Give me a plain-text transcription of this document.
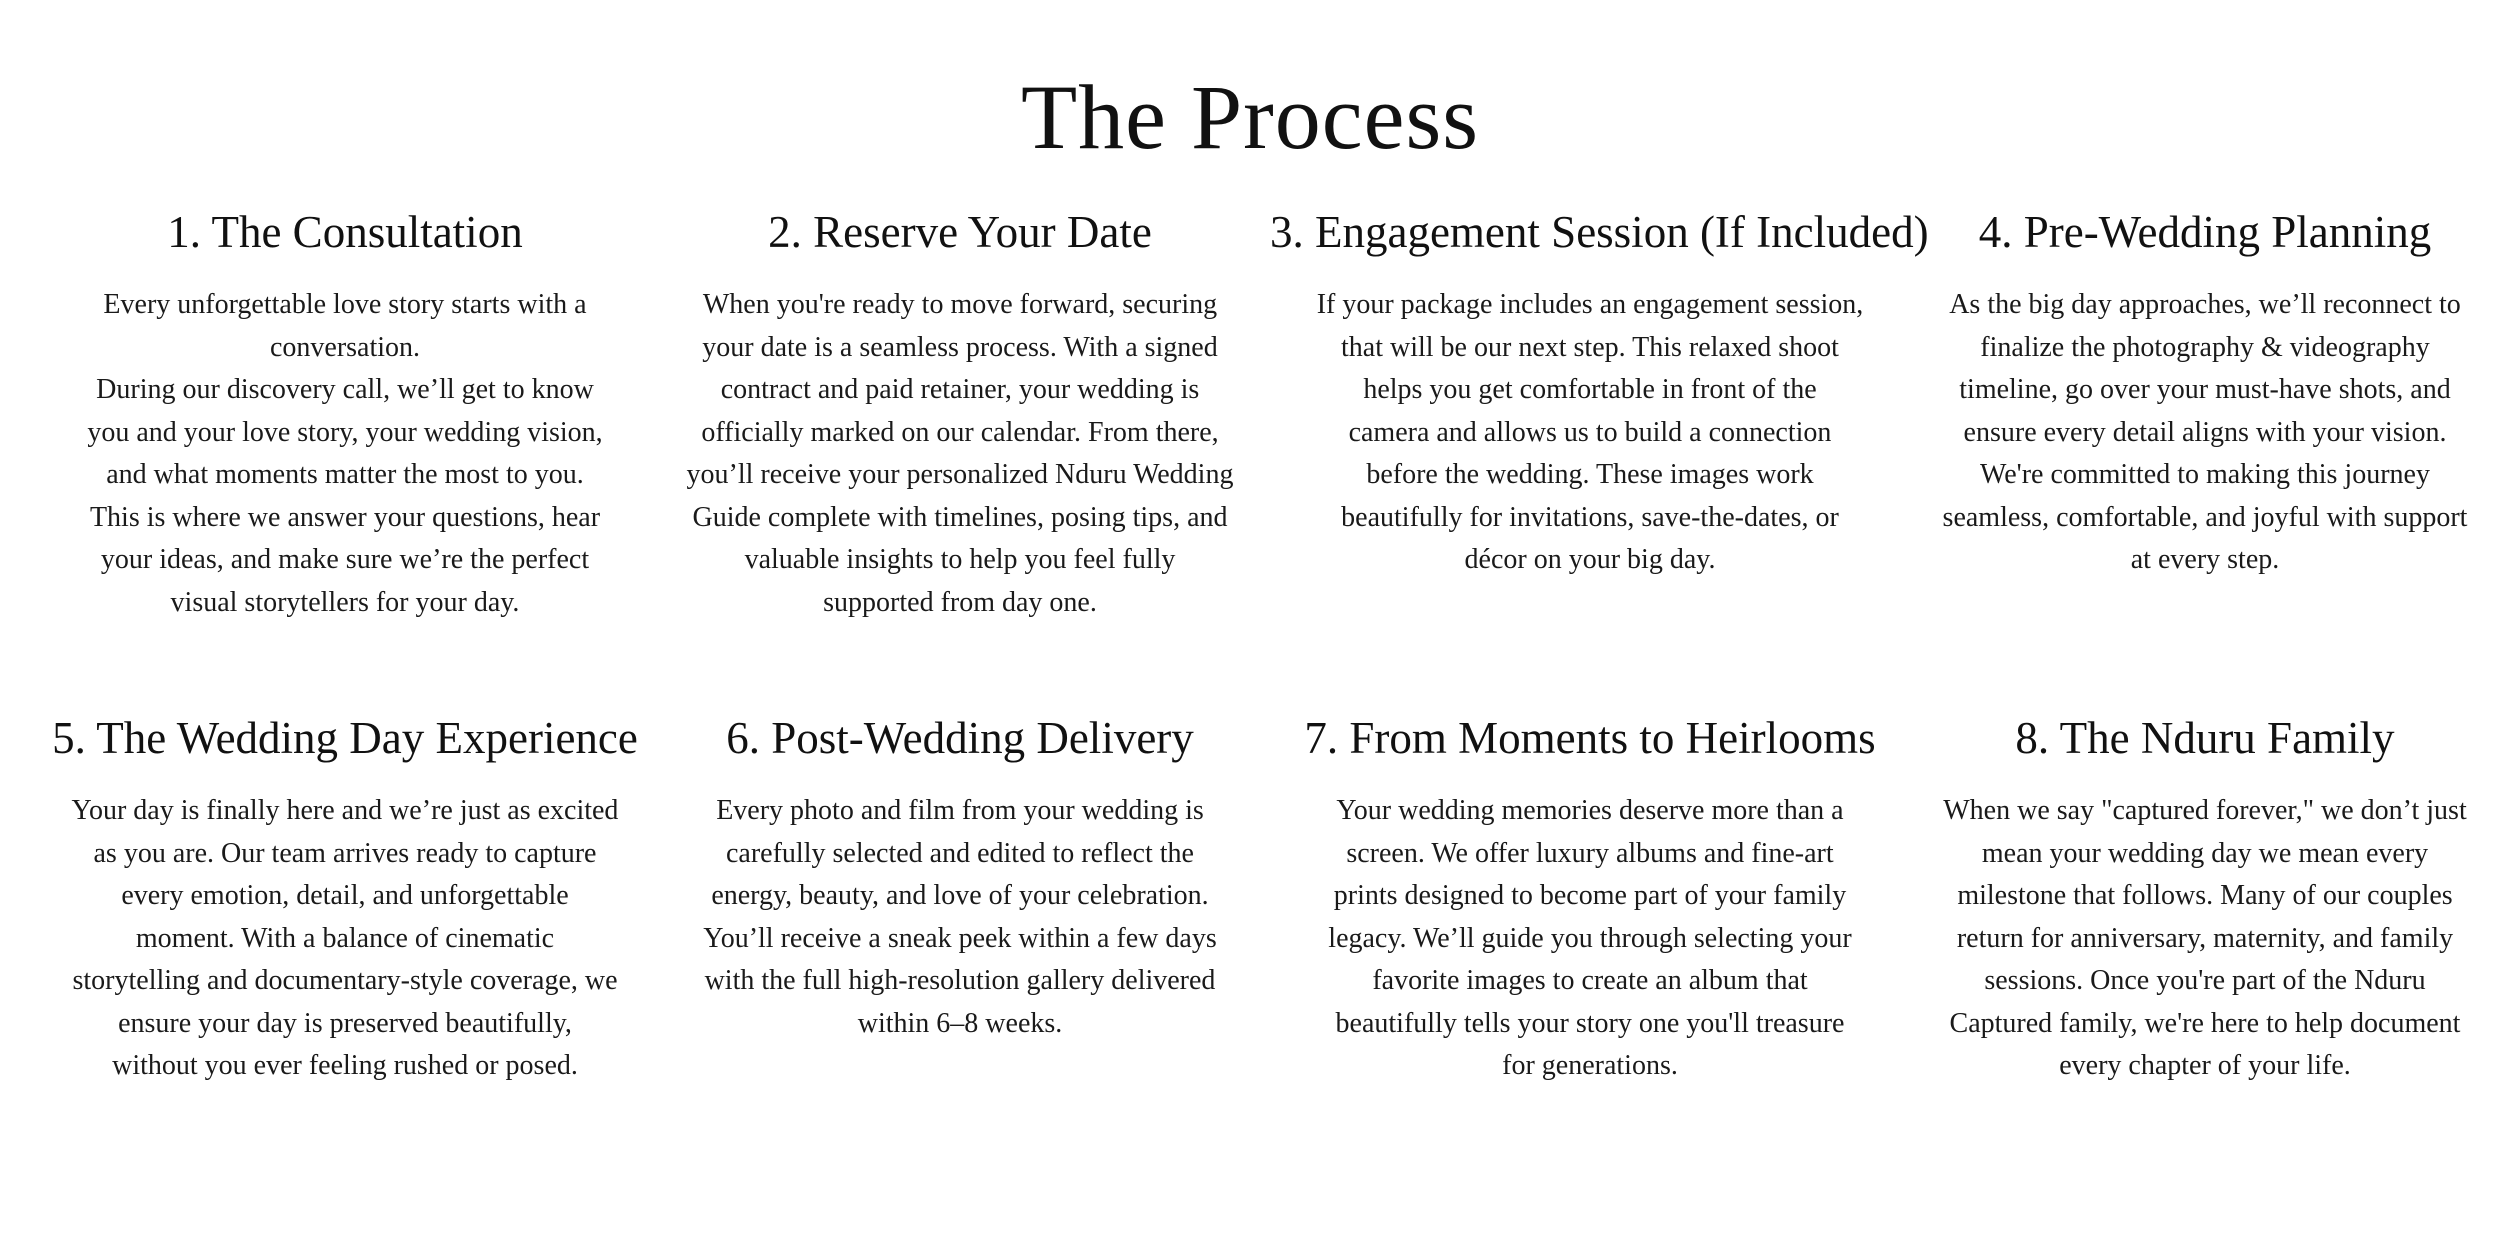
The Process
1. The Consultation

Every unforgettable love story starts with a
conversation.
During our discovery call, we’ll get to know
you and your love story, your wedding vision,
and what moments matter the most to you.
This is where we answer your questions, hear
your ideas, and make sure we’re the perfect
visual storytellers for your day.

2. Reserve Your Date

When you're ready to move forward, securing
your date is a seamless process. With a signed
contract and paid retainer, your wedding is
officially marked on our calendar. From there,
you’ll receive your personalized Nduru Wedding
Guide complete with timelines, posing tips, and
valuable insights to help you feel fully
supported from day one.

3. Engagement Session (If Included)

If your package includes an engagement session,
that will be our next step. This relaxed shoot
helps you get comfortable in front of the
camera and allows us to build a connection
before the wedding. These images work
beautifully for invitations, save-the-dates, or
décor on your big day.

4. Pre-Wedding Planning

As the big day approaches, we’ll reconnect to
finalize the photography & videography
timeline, go over your must-have shots, and
ensure every detail aligns with your vision.
We're committed to making this journey
seamless, comfortable, and joyful with support
at every step.

5. The Wedding Day Experience

Your day is finally here and we’re just as excited
as you are. Our team arrives ready to capture
every emotion, detail, and unforgettable
moment. With a balance of cinematic
storytelling and documentary-style coverage, we
ensure your day is preserved beautifully,
without you ever feeling rushed or posed.

6. Post-Wedding Delivery

Every photo and film from your wedding is
carefully selected and edited to reflect the
energy, beauty, and love of your celebration.
You’ll receive a sneak peek within a few days
with the full high-resolution gallery delivered
within 6–8 weeks.

7. From Moments to Heirlooms

Your wedding memories deserve more than a
screen. We offer luxury albums and fine-art
prints designed to become part of your family
legacy. We’ll guide you through selecting your
favorite images to create an album that
beautifully tells your story one you'll treasure
for generations.

8. The Nduru Family

When we say "captured forever," we don’t just
mean your wedding day we mean every
milestone that follows. Many of our couples
return for anniversary, maternity, and family
sessions. Once you're part of the Nduru
Captured family, we're here to help document
every chapter of your life.
